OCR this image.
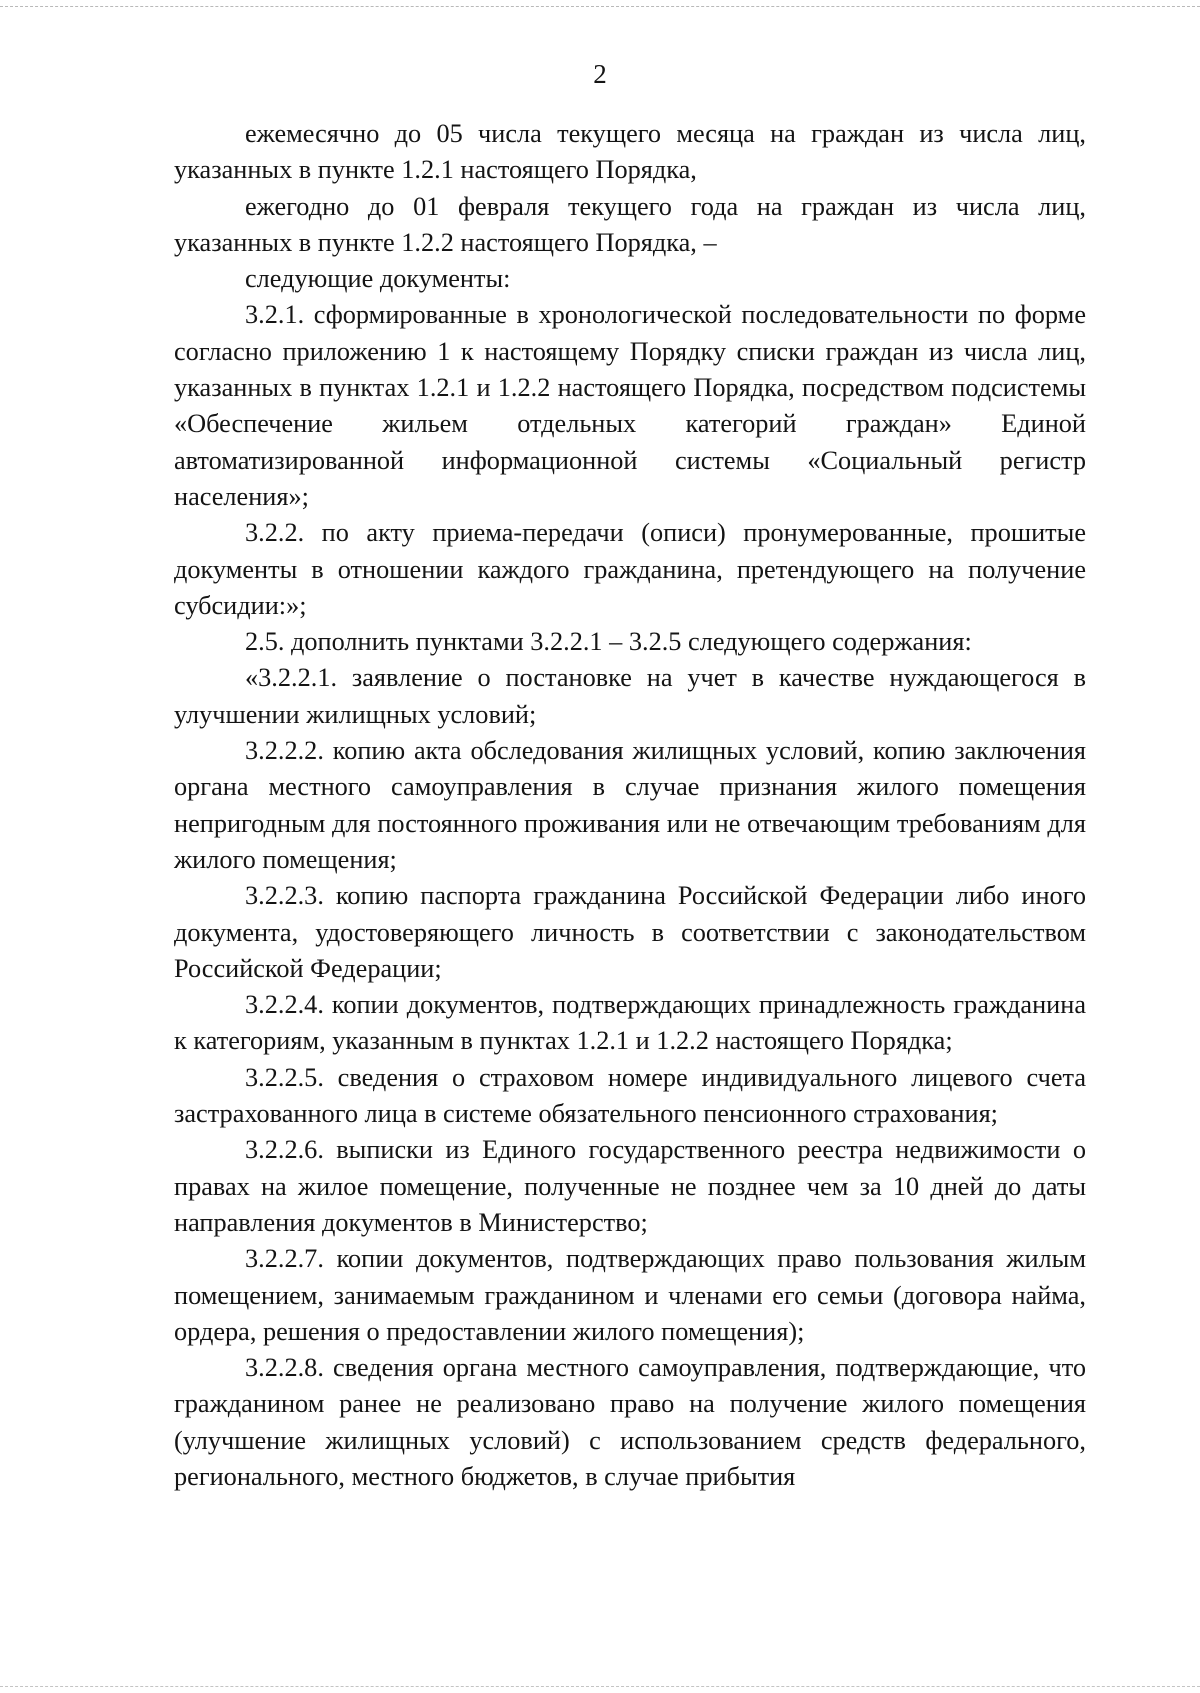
2

ежемесячно до 05 числа текущего месяца на граждан из числа лиц, указанных в пункте 1.2.1 настоящего Порядка,

ежегодно до 01 февраля текущего года на граждан из числа лиц, указанных в пункте 1.2.2 настоящего Порядка, –

следующие документы:

3.2.1. сформированные в хронологической последовательности по форме согласно приложению 1 к настоящему Порядку списки граждан из числа лиц, указанных в пунктах 1.2.1 и 1.2.2 настоящего Порядка, посредством подсистемы «Обеспечение жильем отдельных категорий граждан» Единой автоматизированной информационной системы «Социальный регистр населения»;

3.2.2. по акту приема-передачи (описи) пронумерованные, прошитые документы в отношении каждого гражданина, претендующего на получение субсидии:»;

2.5. дополнить пунктами 3.2.2.1 – 3.2.5 следующего содержания:

«3.2.2.1. заявление о постановке на учет в качестве нуждающегося в улучшении жилищных условий;

3.2.2.2. копию акта обследования жилищных условий, копию заключения органа местного самоуправления в случае признания жилого помещения непригодным для постоянного проживания или не отвечающим требованиям для жилого помещения;

3.2.2.3. копию паспорта гражданина Российской Федерации либо иного документа, удостоверяющего личность в соответствии с законодательством Российской Федерации;

3.2.2.4. копии документов, подтверждающих принадлежность гражданина к категориям, указанным в пунктах 1.2.1 и 1.2.2 настоящего Порядка;

3.2.2.5. сведения о страховом номере индивидуального лицевого счета застрахованного лица в системе обязательного пенсионного страхования;

3.2.2.6. выписки из Единого государственного реестра недвижимости о правах на жилое помещение, полученные не позднее чем за 10 дней до даты направления документов в Министерство;

3.2.2.7. копии документов, подтверждающих право пользования жилым помещением, занимаемым гражданином и членами его семьи (договора найма, ордера, решения о предоставлении жилого помещения);

3.2.2.8. сведения органа местного самоуправления, подтверждающие, что гражданином ранее не реализовано право на получение жилого помещения (улучшение жилищных условий) с использованием средств федерального, регионального, местного бюджетов, в случае прибытия
